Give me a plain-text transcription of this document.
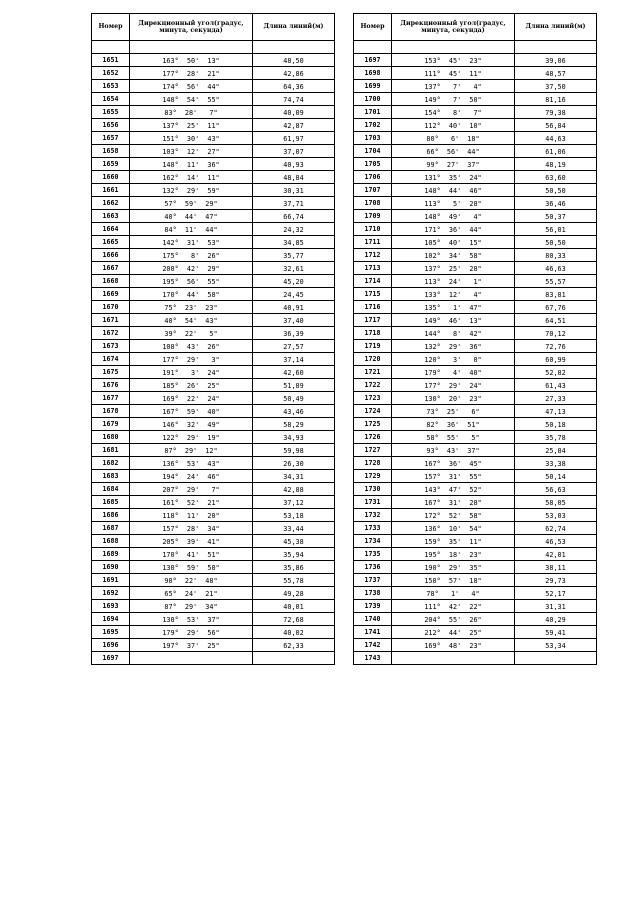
Номер	Дирекционный угол(градус, минута, секунда)	Длина линий(м)

1651	163°  50'  13"	48,50
1652	177°  28'  21"	42,86
1653	174°  56'  44"	64,36
1654	148°  54'  55"	74,74
1655	83°  28'   7"	40,09
1656	137°  25'  11"	42,87
1657	151°  30'  43"	61,97
1658	103°  12'  27"	37,07
1659	148°  11'  36"	40,93
1660	162°  14'  11"	48,84
1661	132°  29'  59"	30,31
1662	57°  59'  29"	37,71
1663	40°  44'  47"	66,74
1664	84°  11'  44"	24,32
1665	142°  31'  53"	34,85
1666	175°   8'  26"	35,77
1667	200°  42'  29"	32,61
1668	195°  56'  55"	45,20
1669	170°  44'  58"	24,45
1670	75°  23'  23"	40,91
1671	40°  54'  43"	37,40
1672	39°  22'   5"	36,39
1673	108°  43'  26"	27,57
1674	177°  29'   3"	37,14
1675	191°   3'  24"	42,60
1676	185°  26'  25"	51,89
1677	169°  22'  24"	50,49
1678	167°  59'  40"	43,46
1679	146°  32'  49"	58,29
1680	122°  29'  19"	34,93
1681	87°  29'  12"	59,98
1682	136°  53'  43"	26,30
1683	194°  24'  46"	34,31
1684	207°  29'   7"	42,88
1685	161°  52'  21"	37,12
1686	118°  11'  20"	53,18
1687	157°  28'  34"	33,44
1688	205°  39'  41"	45,38
1689	170°  41'  51"	35,94
1690	130°  59'  50"	35,86
1691	90°  22'  48"	55,78
1692	65°  24'  21"	49,28
1693	87°  29'  34"	40,01
1694	130°  53'  37"	72,68
1695	179°  29'  56"	40,02
1696	197°  37'  25"	62,33
1697		
Номер	Дирекционный угол(градус, минута, секунда)	Длина линий(м)

1697	153°  45'  23"	39,06
1698	111°  45'  11"	48,57
1699	137°   7'   4"	37,50
1700	149°   7'  50"	81,16
1701	154°   8'   7"	79,38
1702	112°  40'  10"	56,84
1703	80°   6'  18"	44,63
1704	66°  56'  44"	61,06
1705	99°  27'  37"	48,19
1706	131°  35'  24"	63,60
1707	148°  44'  46"	50,50
1708	113°   5'  28"	36,46
1709	148°  49'   4"	50,37
1710	171°  36'  44"	56,01
1711	105°  40'  15"	50,50
1712	102°  34'  58"	80,33
1713	137°  25'  28"	46,63
1714	113°  24'   1"	55,57
1715	133°  12'   4"	83,81
1716	135°   1'  47"	67,76
1717	149°  46'  13"	64,51
1718	144°   8'  42"	70,12
1719	132°  29'  36"	72,76
1720	120°   3'   0"	60,99
1721	179°   4'  40"	52,82
1722	177°  29'  24"	61,43
1723	130°  20'  23"	27,33
1724	73°  25'   6"	47,13
1725	82°  36'  51"	50,18
1726	58°  55'   5"	35,78
1727	93°  43'  37"	25,84
1728	167°  36'  45"	33,38
1729	157°  31'  55"	50,14
1730	143°  47'  52"	56,63
1731	167°  31'  28"	58,05
1732	172°  52'  58"	53,03
1733	136°  10'  54"	62,74
1734	159°  35'  11"	46,53
1735	195°  18'  23"	42,01
1736	190°  29'  35"	38,11
1737	150°  57'  18"	29,73
1738	78°   1'   4"	52,17
1739	111°  42'  22"	31,31
1740	204°  55'  26"	40,29
1741	212°  44'  25"	59,41
1742	169°  48'  23"	53,34
1743		
